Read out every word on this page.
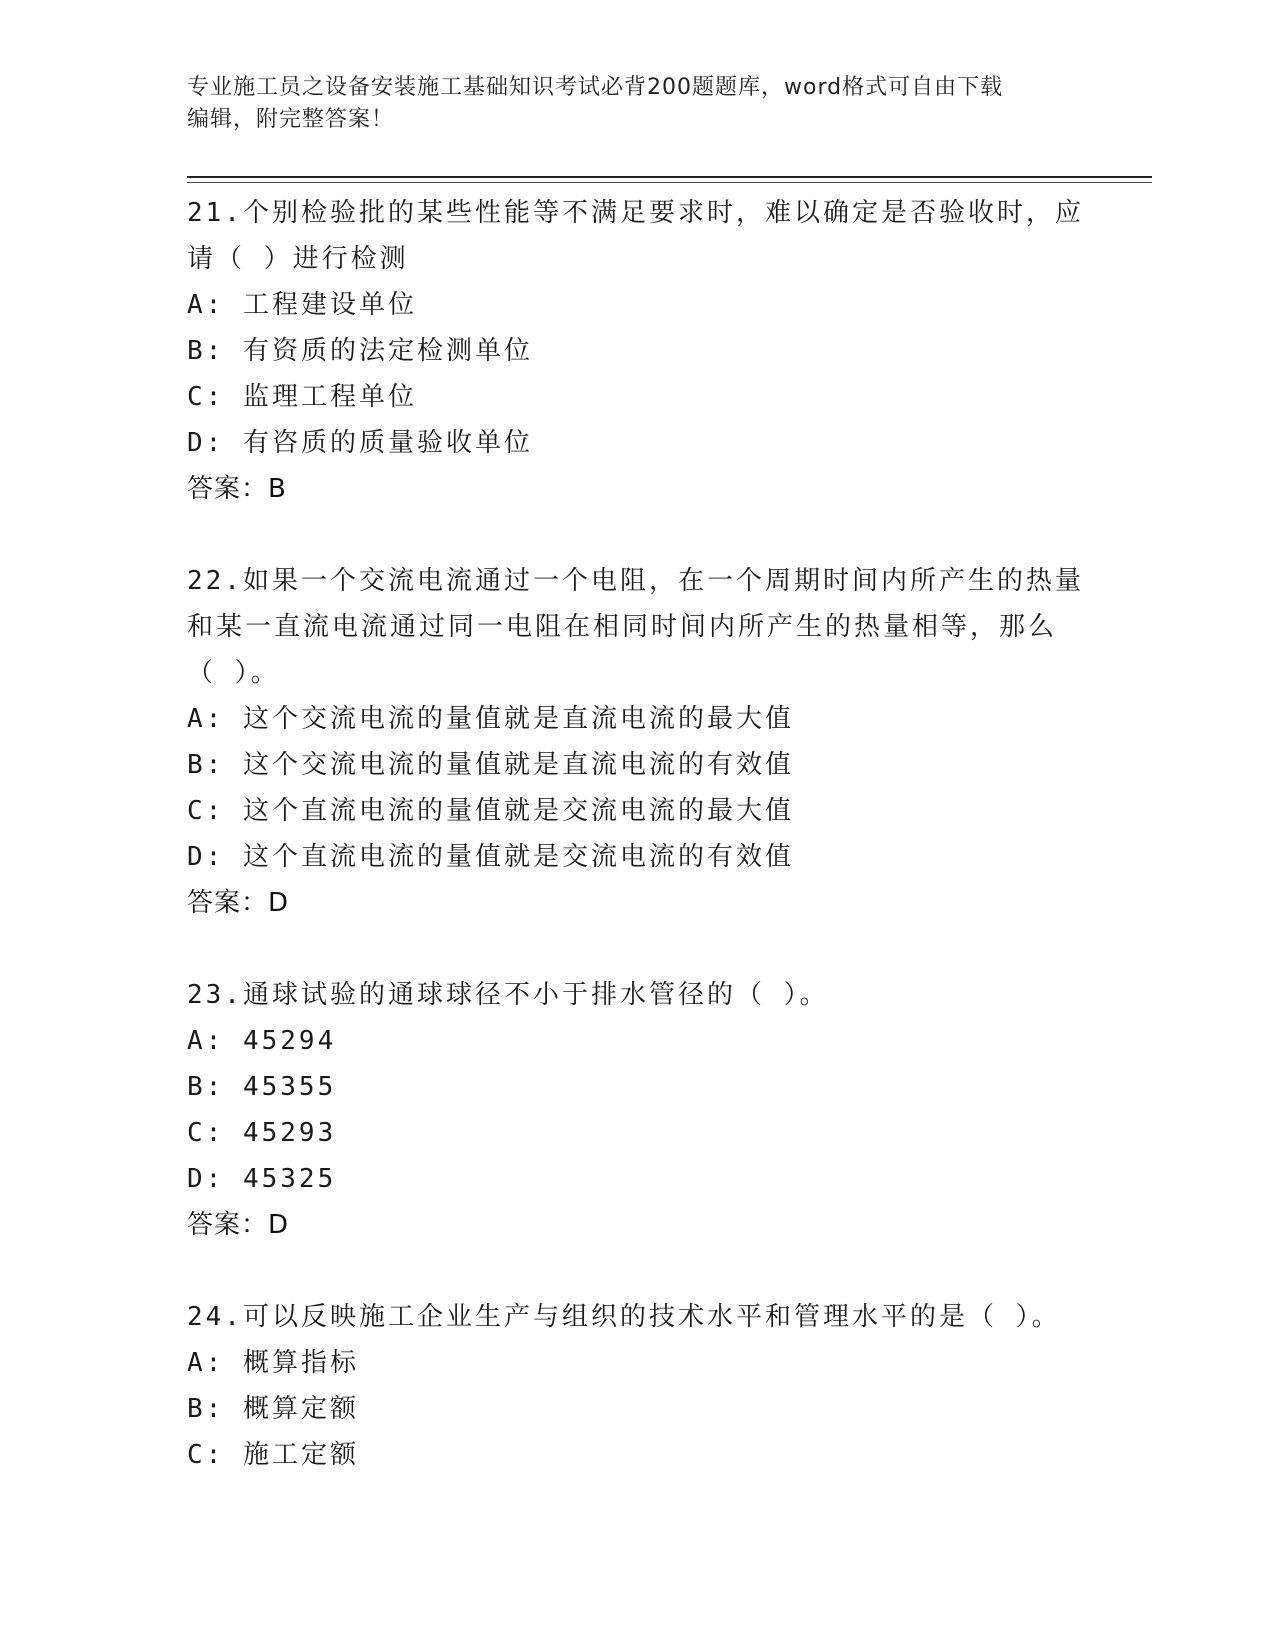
专业施工员之设备安装施工基础知识考试必背200题题库，word格式可自由下载
编辑，附完整答案！
21.个别检验批的某些性能等不满足要求时，难以确定是否验收时，应
请（ ）进行检测
A: 工程建设单位
B: 有资质的法定检测单位
C: 监理工程单位
D: 有咨质的质量验收单位
答案：B
22.如果一个交流电流通过一个电阻，在一个周期时间内所产生的热量
和某一直流电流通过同一电阻在相同时间内所产生的热量相等，那么
（ ）。
A: 这个交流电流的量值就是直流电流的最大值
B: 这个交流电流的量值就是直流电流的有效值
C: 这个直流电流的量值就是交流电流的最大值
D: 这个直流电流的量值就是交流电流的有效值
答案：D
23.通球试验的通球球径不小于排水管径的（ ）。
A: 45294
B: 45355
C: 45293
D: 45325
答案：D
24.可以反映施工企业生产与组织的技术水平和管理水平的是（ ）。
A: 概算指标
B: 概算定额
C: 施工定额
